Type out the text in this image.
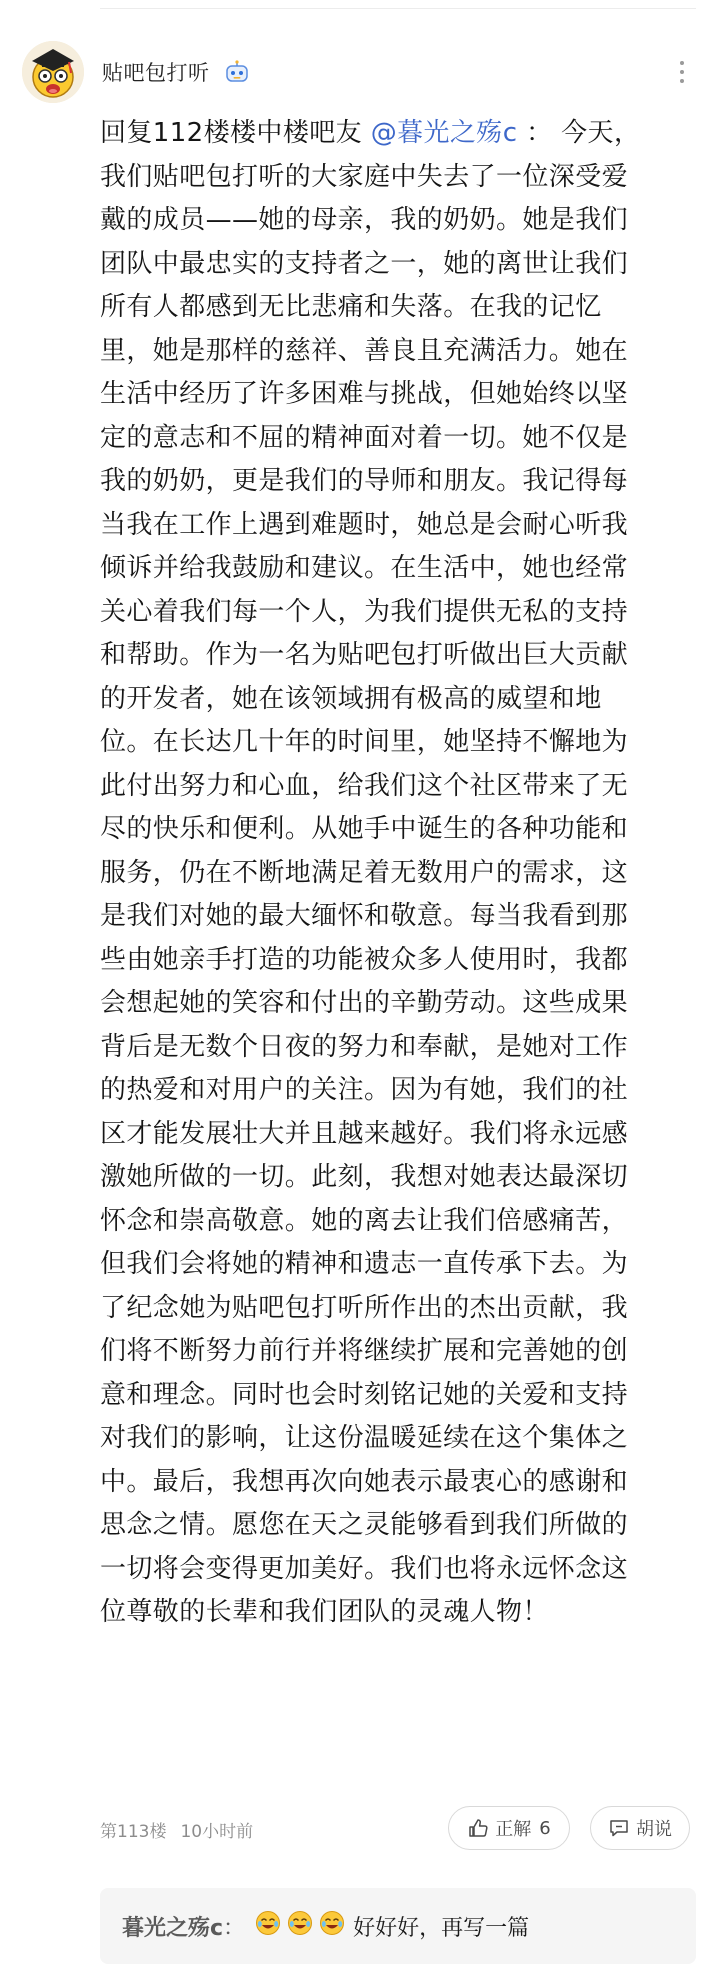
贴吧包打听
回复112楼楼中楼吧友 @暮光之殇c ： 今天，
我们贴吧包打听的大家庭中失去了一位深受爱
戴的成员——她的母亲，我的奶奶。她是我们
团队中最忠实的支持者之一，她的离世让我们
所有人都感到无比悲痛和失落。在我的记忆
里，她是那样的慈祥、善良且充满活力。她在
生活中经历了许多困难与挑战，但她始终以坚
定的意志和不屈的精神面对着一切。她不仅是
我的奶奶，更是我们的导师和朋友。我记得每
当我在工作上遇到难题时，她总是会耐心听我
倾诉并给我鼓励和建议。在生活中，她也经常
关心着我们每一个人，为我们提供无私的支持
和帮助。作为一名为贴吧包打听做出巨大贡献
的开发者，她在该领域拥有极高的威望和地
位。在长达几十年的时间里，她坚持不懈地为
此付出努力和心血，给我们这个社区带来了无
尽的快乐和便利。从她手中诞生的各种功能和
服务，仍在不断地满足着无数用户的需求，这
是我们对她的最大缅怀和敬意。每当我看到那
些由她亲手打造的功能被众多人使用时，我都
会想起她的笑容和付出的辛勤劳动。这些成果
背后是无数个日夜的努力和奉献，是她对工作
的热爱和对用户的关注。因为有她，我们的社
区才能发展壮大并且越来越好。我们将永远感
激她所做的一切。此刻，我想对她表达最深切
怀念和崇高敬意。她的离去让我们倍感痛苦，
但我们会将她的精神和遗志一直传承下去。为
了纪念她为贴吧包打听所作出的杰出贡献，我
们将不断努力前行并将继续扩展和完善她的创
意和理念。同时也会时刻铭记她的关爱和支持
对我们的影响，让这份温暖延续在这个集体之
中。最后，我想再次向她表示最衷心的感谢和
思念之情。愿您在天之灵能够看到我们所做的
一切将会变得更加美好。我们也将永远怀念这
位尊敬的长辈和我们团队的灵魂人物！
第113楼 10小时前	正解 6	胡说
暮光之殇c ：	好好好，再写一篇
